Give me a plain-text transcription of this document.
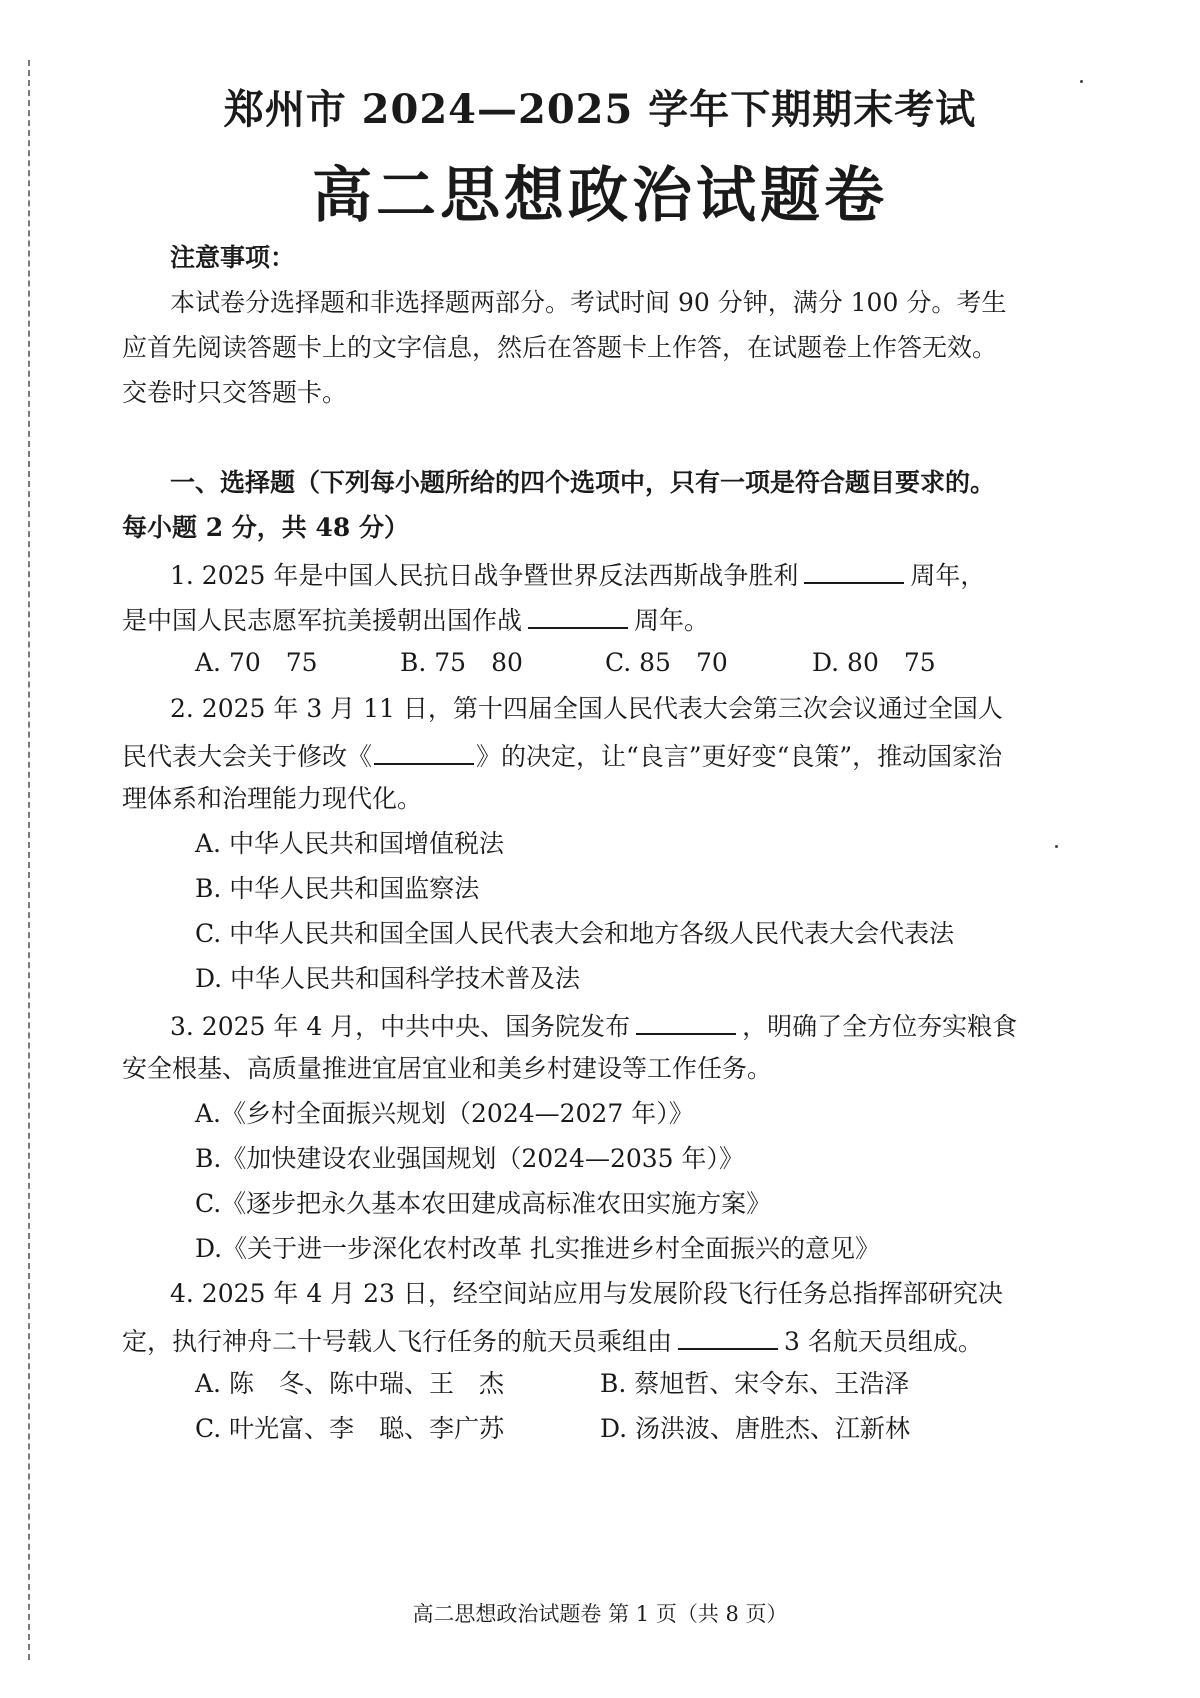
郑州市 2024—2025 学年下期期末考试
高二思想政治试题卷
注意事项：
本试卷分选择题和非选择题两部分。考试时间 90 分钟，满分 100 分。考生
应首先阅读答题卡上的文字信息，然后在答题卡上作答，在试题卷上作答无效。
交卷时只交答题卡。
一、选择题（下列每小题所给的四个选项中，只有一项是符合题目要求的。
每小题 2 分，共 48 分）
1. 2025 年是中国人民抗日战争暨世界反法西斯战争胜利	周年，
是中国人民志愿军抗美援朝出国作战	周年。
A. 70　75	B. 75　80	C. 85　70	D. 80　75
2. 2025 年 3 月 11 日，第十四届全国人民代表大会第三次会议通过全国人
民代表大会关于修改《	》的决定，让“良言”更好变“良策”，推动国家治
理体系和治理能力现代化。
A. 中华人民共和国增值税法
B. 中华人民共和国监察法
C. 中华人民共和国全国人民代表大会和地方各级人民代表大会代表法
D. 中华人民共和国科学技术普及法
3. 2025 年 4 月，中共中央、国务院发布	，明确了全方位夯实粮食
安全根基、高质量推进宜居宜业和美乡村建设等工作任务。
A.《乡村全面振兴规划（2024—2027 年）》
B.《加快建设农业强国规划（2024—2035 年）》
C.《逐步把永久基本农田建成高标准农田实施方案》
D.《关于进一步深化农村改革 扎实推进乡村全面振兴的意见》
4. 2025 年 4 月 23 日，经空间站应用与发展阶段飞行任务总指挥部研究决
定，执行神舟二十号载人飞行任务的航天员乘组由	3 名航天员组成。
A. 陈　冬、陈中瑞、王　杰	B. 蔡旭哲、宋令东、王浩泽
C. 叶光富、李　聪、李广苏	D. 汤洪波、唐胜杰、江新林
高二思想政治试题卷 第 1 页（共 8 页）
